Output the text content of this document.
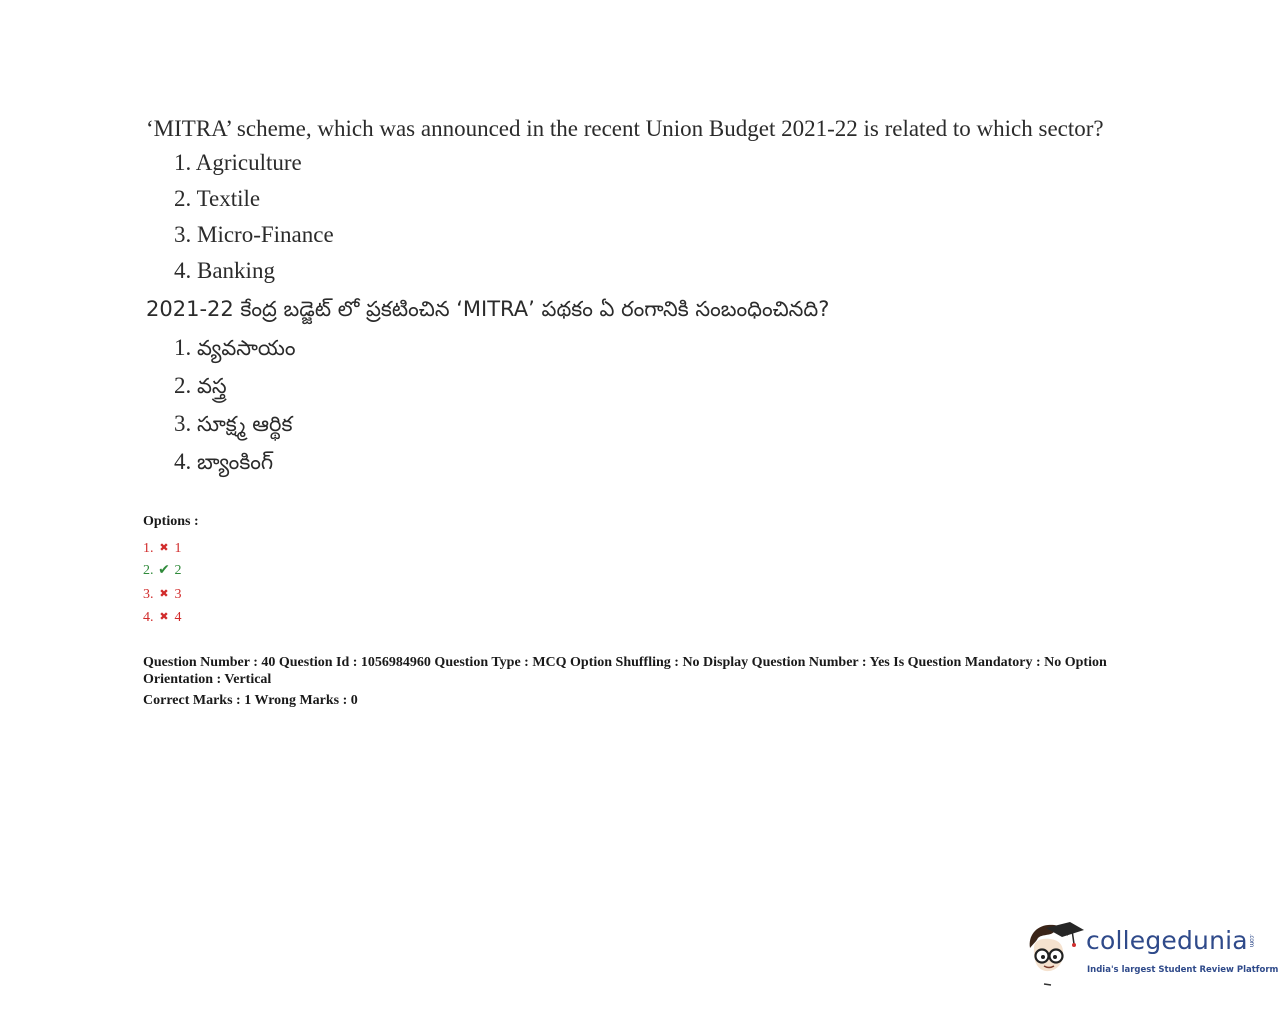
‘MITRA’ scheme, which was announced in the recent Union Budget 2021-22 is related to which sector?

1. Agriculture
2. Textile
3. Micro-Finance
4. Banking

2021-22 కేంద్ర బడ్జెట్ లో ప్రకటించిన ‘MITRA’ పథకం ఏ రంగానికి సంబంధించినది?

1. వ్యవసాయం
2. వస్త్ర
3. సూక్ష్మ ఆర్థిక
4. బ్యాంకింగ్
Options :
1. ✖ 1
2. ✔ 2
3. ✖ 3
4. ✖ 4

Question Number : 40 Question Id : 1056984960 Question Type : MCQ Option Shuffling : No Display Question Number : Yes Is Question Mandatory : No Option Orientation : Vertical

Correct Marks : 1 Wrong Marks : 0

collegedunia.com
India's largest Student Review Platform
